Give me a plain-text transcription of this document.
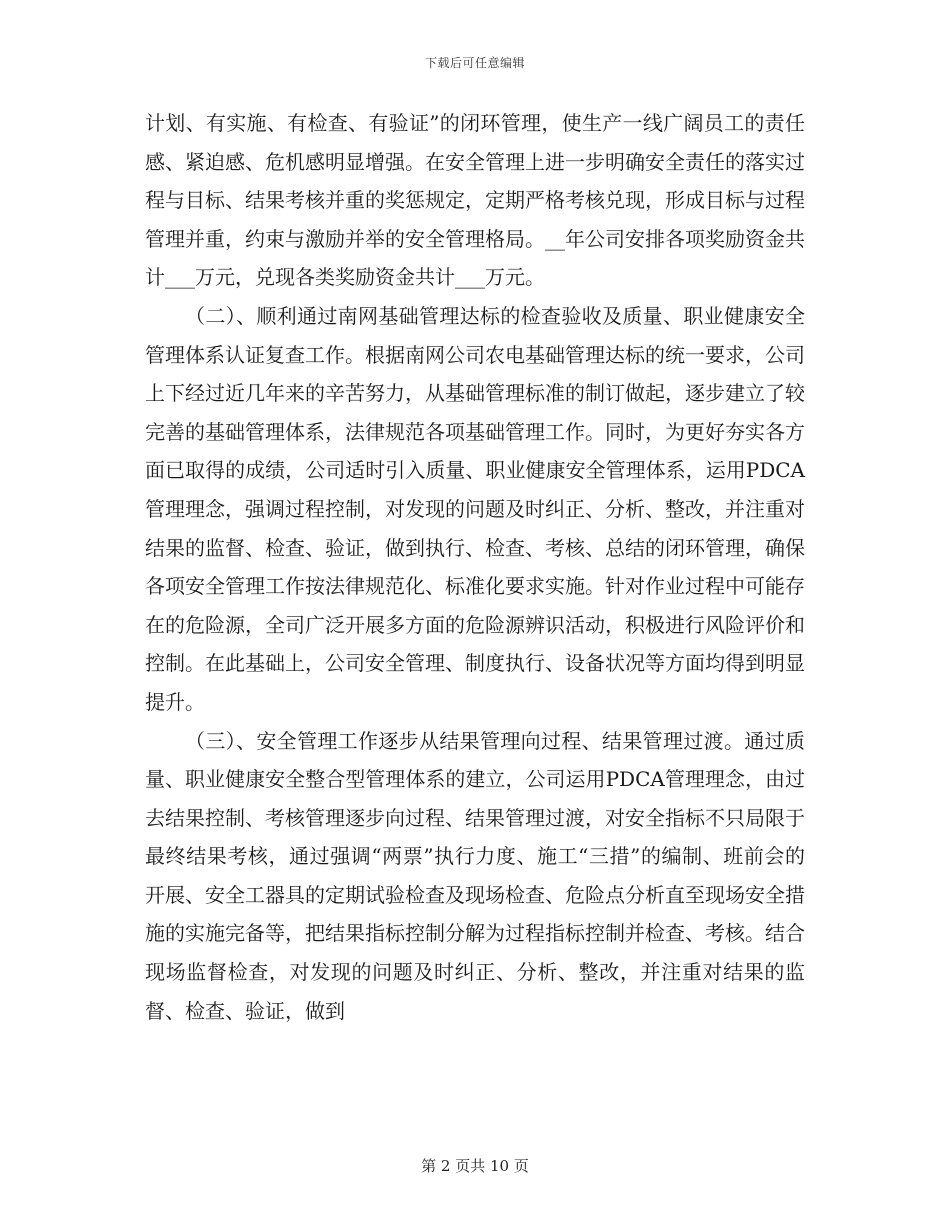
下载后可任意编辑

计划、有实施、有检查、有验证”的闭环管理，使生产一线广阔员工的责任感、紧迫感、危机感明显增强。在安全管理上进一步明确安全责任的落实过程与目标、结果考核并重的奖惩规定，定期严格考核兑现，形成目标与过程管理并重，约束与激励并举的安全管理格局。__年公司安排各项奖励资金共计___万元，兑现各类奖励资金共计___万元。

（二）、顺利通过南网基础管理达标的检查验收及质量、职业健康安全管理体系认证复查工作。根据南网公司农电基础管理达标的统一要求，公司上下经过近几年来的辛苦努力，从基础管理标准的制订做起，逐步建立了较完善的基础管理体系，法律规范各项基础管理工作。同时，为更好夯实各方面已取得的成绩，公司适时引入质量、职业健康安全管理体系，运用PDCA管理理念，强调过程控制，对发现的问题及时纠正、分析、整改，并注重对结果的监督、检查、验证，做到执行、检查、考核、总结的闭环管理，确保各项安全管理工作按法律规范化、标准化要求实施。针对作业过程中可能存在的危险源，全司广泛开展多方面的危险源辨识活动，积极进行风险评价和控制。在此基础上，公司安全管理、制度执行、设备状况等方面均得到明显提升。

（三）、安全管理工作逐步从结果管理向过程、结果管理过渡。通过质量、职业健康安全整合型管理体系的建立，公司运用PDCA管理理念，由过去结果控制、考核管理逐步向过程、结果管理过渡，对安全指标不只局限于最终结果考核，通过强调“两票”执行力度、施工“三措”的编制、班前会的开展、安全工器具的定期试验检查及现场检查、危险点分析直至现场安全措施的实施完备等，把结果指标控制分解为过程指标控制并检查、考核。结合现场监督检查，对发现的问题及时纠正、分析、整改，并注重对结果的监督、检查、验证，做到

第 2 页共 10 页
